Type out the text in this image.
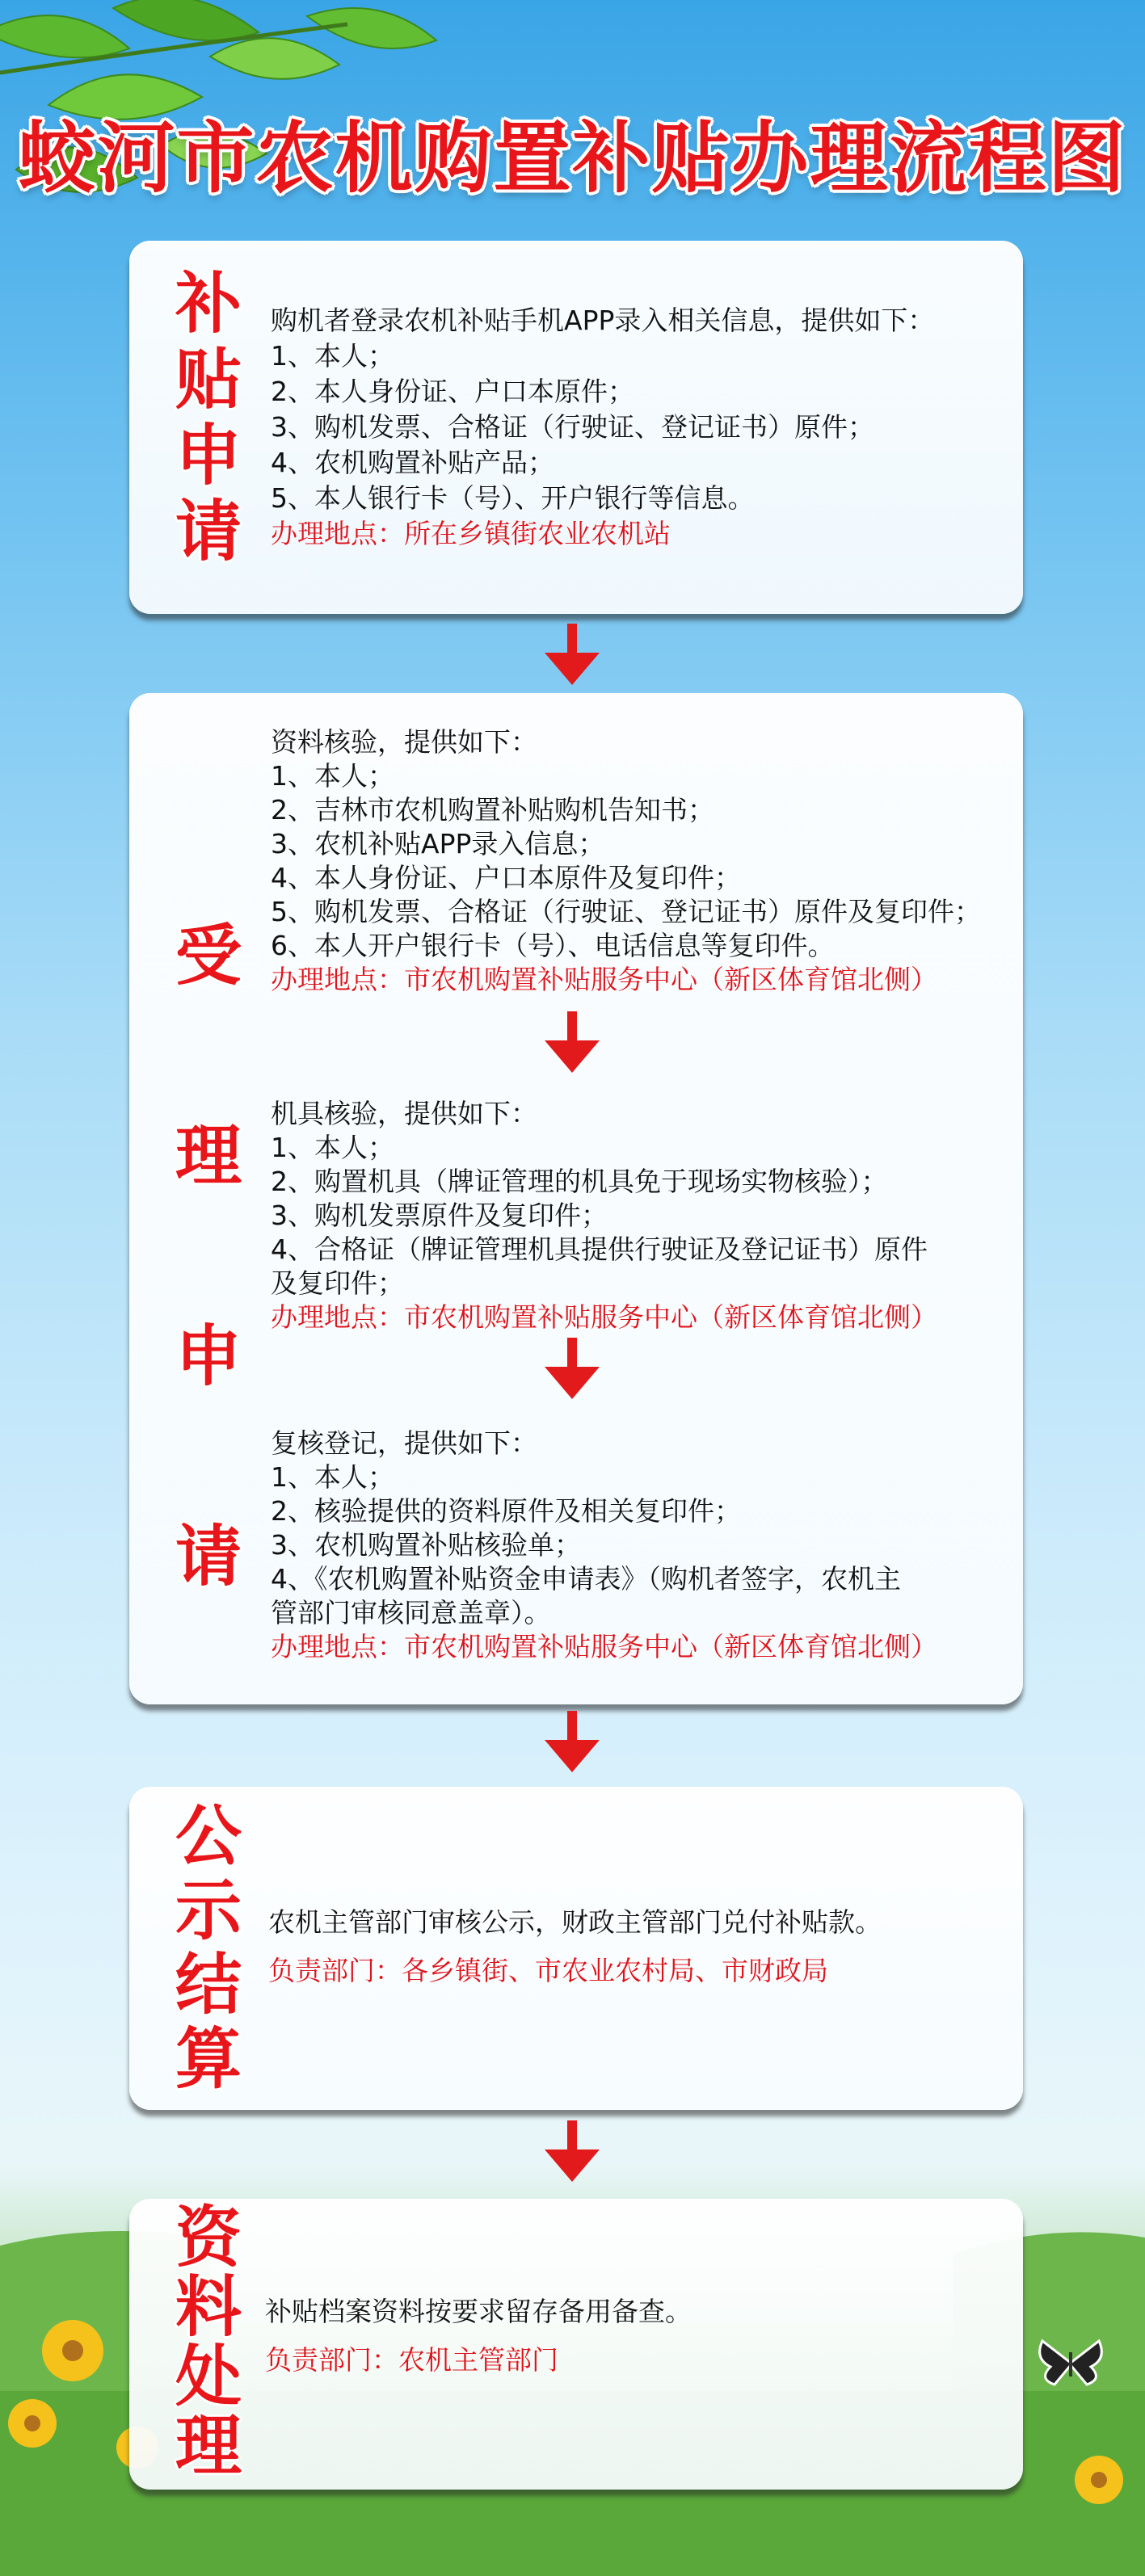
蛟河市农机购置补贴办理流程图
补
贴
申
请
购机者登录农机补贴手机APP录入相关信息，提供如下：
1、本人；
2、本人身份证、户口本原件；
3、购机发票、合格证（行驶证、登记证书）原件；
4、农机购置补贴产品；
5、本人银行卡（号）、开户银行等信息。
办理地点：所在乡镇街农业农机站
受
理
申
请
资料核验，提供如下：
1、本人；
2、吉林市农机购置补贴购机告知书；
3、农机补贴APP录入信息；
4、本人身份证、户口本原件及复印件；
5、购机发票、合格证（行驶证、登记证书）原件及复印件；
6、本人开户银行卡（号）、电话信息等复印件。
办理地点：市农机购置补贴服务中心（新区体育馆北侧）
机具核验，提供如下：
1、本人；
2、购置机具（牌证管理的机具免于现场实物核验）；
3、购机发票原件及复印件；
4、合格证（牌证管理机具提供行驶证及登记证书）原件
及复印件；
办理地点：市农机购置补贴服务中心（新区体育馆北侧）
复核登记，提供如下：
1、本人；
2、核验提供的资料原件及相关复印件；
3、农机购置补贴核验单；
4、《农机购置补贴资金申请表》（购机者签字，农机主
管部门审核同意盖章）。
办理地点：市农机购置补贴服务中心（新区体育馆北侧）
公
示
结
算
农机主管部门审核公示，财政主管部门兑付补贴款。
负责部门：各乡镇街、市农业农村局、市财政局
资
料
处
理
补贴档案资料按要求留存备用备查。
负责部门：农机主管部门
